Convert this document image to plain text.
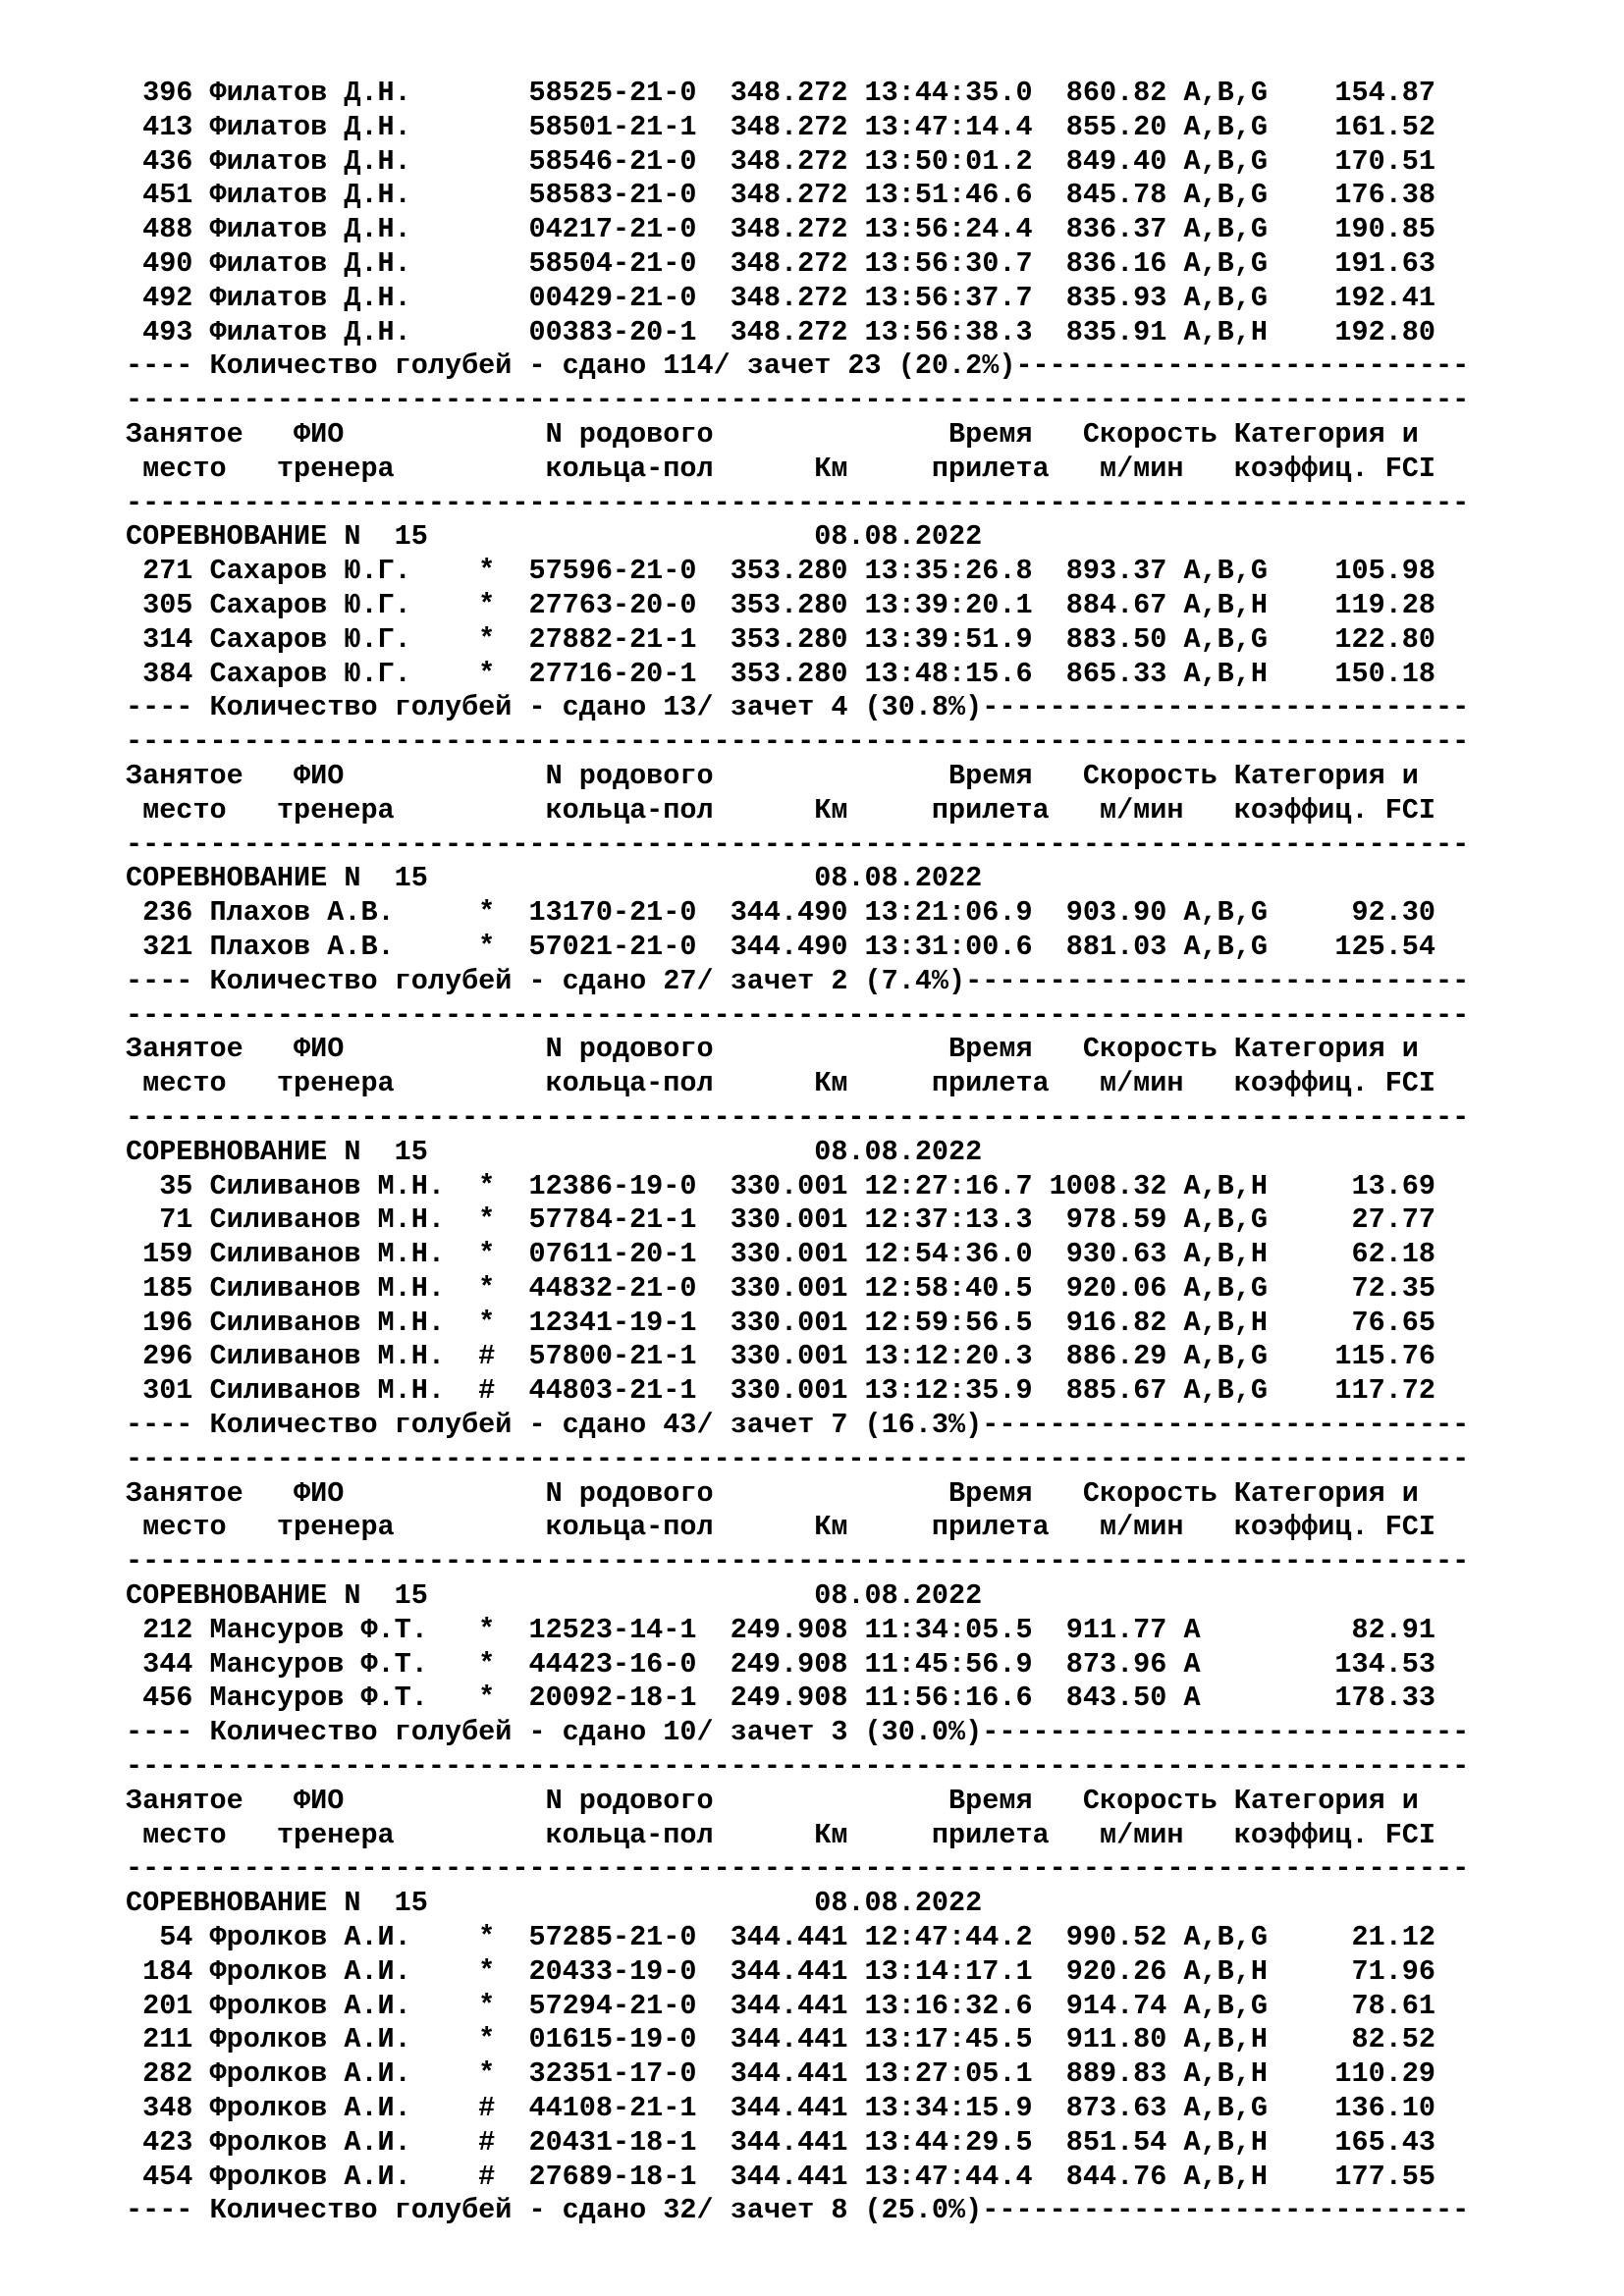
396 Филатов Д.Н.       58525-21-0  348.272 13:44:35.0  860.82 A,B,G    154.87
413 Филатов Д.Н.       58501-21-1  348.272 13:47:14.4  855.20 A,B,G    161.52
436 Филатов Д.Н.       58546-21-0  348.272 13:50:01.2  849.40 A,B,G    170.51
451 Филатов Д.Н.       58583-21-0  348.272 13:51:46.6  845.78 A,B,G    176.38
488 Филатов Д.Н.       04217-21-0  348.272 13:56:24.4  836.37 A,B,G    190.85
490 Филатов Д.Н.       58504-21-0  348.272 13:56:30.7  836.16 A,B,G    191.63
492 Филатов Д.Н.       00429-21-0  348.272 13:56:37.7  835.93 A,B,G    192.41
493 Филатов Д.Н.       00383-20-1  348.272 13:56:38.3  835.91 A,B,H    192.80
---- Количество голубей - сдано 114/ зачет 23 (20.2%)---------------------------
--------------------------------------------------------------------------------
Занятое   ФИО            N родового              Время   Скорость Категория и
место   тренера         кольца-пол      Км     прилета   м/мин   коэффиц. FCI
--------------------------------------------------------------------------------
СОРЕВНОВАНИЕ N  15                       08.08.2022
271 Сахаров Ю.Г.    *  57596-21-0  353.280 13:35:26.8  893.37 A,B,G    105.98
305 Сахаров Ю.Г.    *  27763-20-0  353.280 13:39:20.1  884.67 A,B,H    119.28
314 Сахаров Ю.Г.    *  27882-21-1  353.280 13:39:51.9  883.50 A,B,G    122.80
384 Сахаров Ю.Г.    *  27716-20-1  353.280 13:48:15.6  865.33 A,B,H    150.18
---- Количество голубей - сдано 13/ зачет 4 (30.8%)-----------------------------
--------------------------------------------------------------------------------
Занятое   ФИО            N родового              Время   Скорость Категория и
место   тренера         кольца-пол      Км     прилета   м/мин   коэффиц. FCI
--------------------------------------------------------------------------------
СОРЕВНОВАНИЕ N  15                       08.08.2022
236 Плахов А.В.     *  13170-21-0  344.490 13:21:06.9  903.90 A,B,G     92.30
321 Плахов А.В.     *  57021-21-0  344.490 13:31:00.6  881.03 A,B,G    125.54
---- Количество голубей - сдано 27/ зачет 2 (7.4%)------------------------------
--------------------------------------------------------------------------------
Занятое   ФИО            N родового              Время   Скорость Категория и
место   тренера         кольца-пол      Км     прилета   м/мин   коэффиц. FCI
--------------------------------------------------------------------------------
СОРЕВНОВАНИЕ N  15                       08.08.2022
35 Силиванов М.Н.  *  12386-19-0  330.001 12:27:16.7 1008.32 A,B,H     13.69
71 Силиванов М.Н.  *  57784-21-1  330.001 12:37:13.3  978.59 A,B,G     27.77
159 Силиванов М.Н.  *  07611-20-1  330.001 12:54:36.0  930.63 A,B,H     62.18
185 Силиванов М.Н.  *  44832-21-0  330.001 12:58:40.5  920.06 A,B,G     72.35
196 Силиванов М.Н.  *  12341-19-1  330.001 12:59:56.5  916.82 A,B,H     76.65
296 Силиванов М.Н.  #  57800-21-1  330.001 13:12:20.3  886.29 A,B,G    115.76
301 Силиванов М.Н.  #  44803-21-1  330.001 13:12:35.9  885.67 A,B,G    117.72
---- Количество голубей - сдано 43/ зачет 7 (16.3%)-----------------------------
--------------------------------------------------------------------------------
Занятое   ФИО            N родового              Время   Скорость Категория и
место   тренера         кольца-пол      Км     прилета   м/мин   коэффиц. FCI
--------------------------------------------------------------------------------
СОРЕВНОВАНИЕ N  15                       08.08.2022
212 Мансуров Ф.Т.   *  12523-14-1  249.908 11:34:05.5  911.77 A         82.91
344 Мансуров Ф.Т.   *  44423-16-0  249.908 11:45:56.9  873.96 A        134.53
456 Мансуров Ф.Т.   *  20092-18-1  249.908 11:56:16.6  843.50 A        178.33
---- Количество голубей - сдано 10/ зачет 3 (30.0%)-----------------------------
--------------------------------------------------------------------------------
Занятое   ФИО            N родового              Время   Скорость Категория и
место   тренера         кольца-пол      Км     прилета   м/мин   коэффиц. FCI
--------------------------------------------------------------------------------
СОРЕВНОВАНИЕ N  15                       08.08.2022
54 Фролков А.И.    *  57285-21-0  344.441 12:47:44.2  990.52 A,B,G     21.12
184 Фролков А.И.    *  20433-19-0  344.441 13:14:17.1  920.26 A,B,H     71.96
201 Фролков А.И.    *  57294-21-0  344.441 13:16:32.6  914.74 A,B,G     78.61
211 Фролков А.И.    *  01615-19-0  344.441 13:17:45.5  911.80 A,B,H     82.52
282 Фролков А.И.    *  32351-17-0  344.441 13:27:05.1  889.83 A,B,H    110.29
348 Фролков А.И.    #  44108-21-1  344.441 13:34:15.9  873.63 A,B,G    136.10
423 Фролков А.И.    #  20431-18-1  344.441 13:44:29.5  851.54 A,B,H    165.43
454 Фролков А.И.    #  27689-18-1  344.441 13:47:44.4  844.76 A,B,H    177.55
---- Количество голубей - сдано 32/ зачет 8 (25.0%)-----------------------------
